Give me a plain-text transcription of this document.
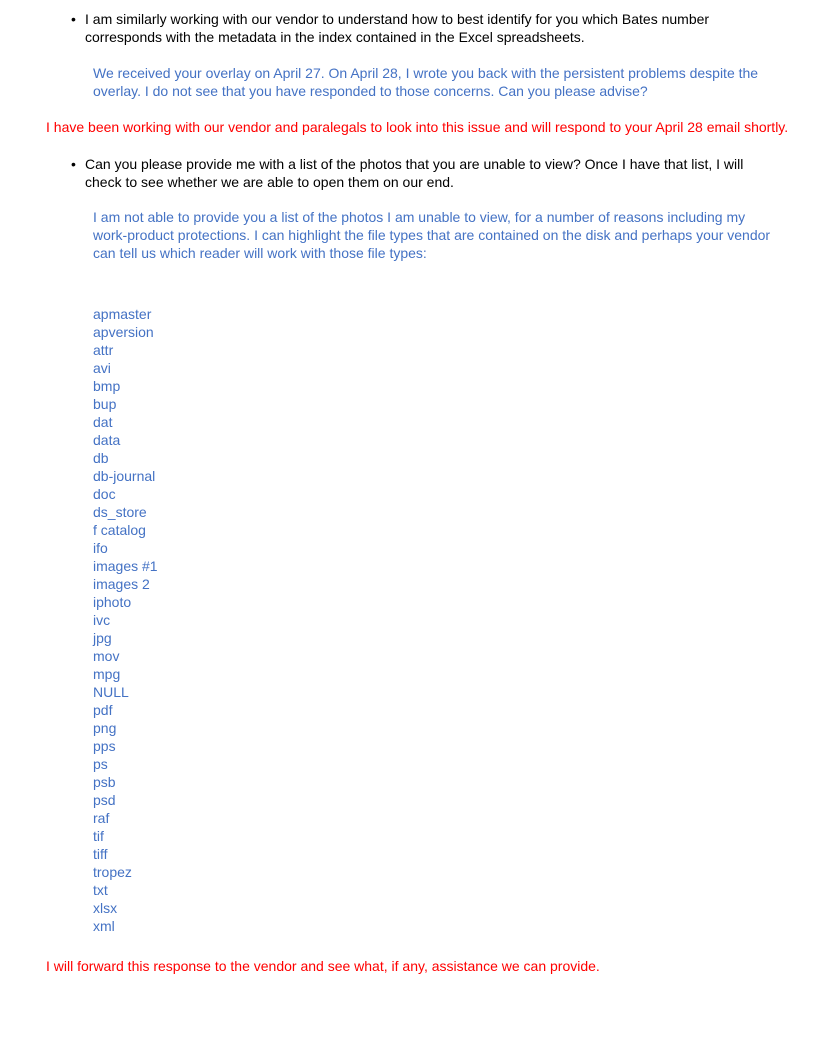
• I am similarly working with our vendor to understand how to best identify for you which Bates number corresponds with the metadata in the index contained in the Excel spreadsheets.
We received your overlay on April 27. On April 28, I wrote you back with the persistent problems despite the overlay. I do not see that you have responded to those concerns. Can you please advise?
I have been working with our vendor and paralegals to look into this issue and will respond to your April 28 email shortly.
• Can you please provide me with a list of the photos that you are unable to view? Once I have that list, I will check to see whether we are able to open them on our end.
I am not able to provide you a list of the photos I am unable to view, for a number of reasons including my work-product protections. I can highlight the file types that are contained on the disk and perhaps your vendor can tell us which reader will work with those file types:
apmaster
apversion
attr
avi
bmp
bup
dat
data
db
db-journal
doc
ds_store
f catalog
ifo
images #1
images 2
iphoto
ivc
jpg
mov
mpg
NULL
pdf
png
pps
ps
psb
psd
raf
tif
tiff
tropez
txt
xlsx
xml
I will forward this response to the vendor and see what, if any, assistance we can provide.
